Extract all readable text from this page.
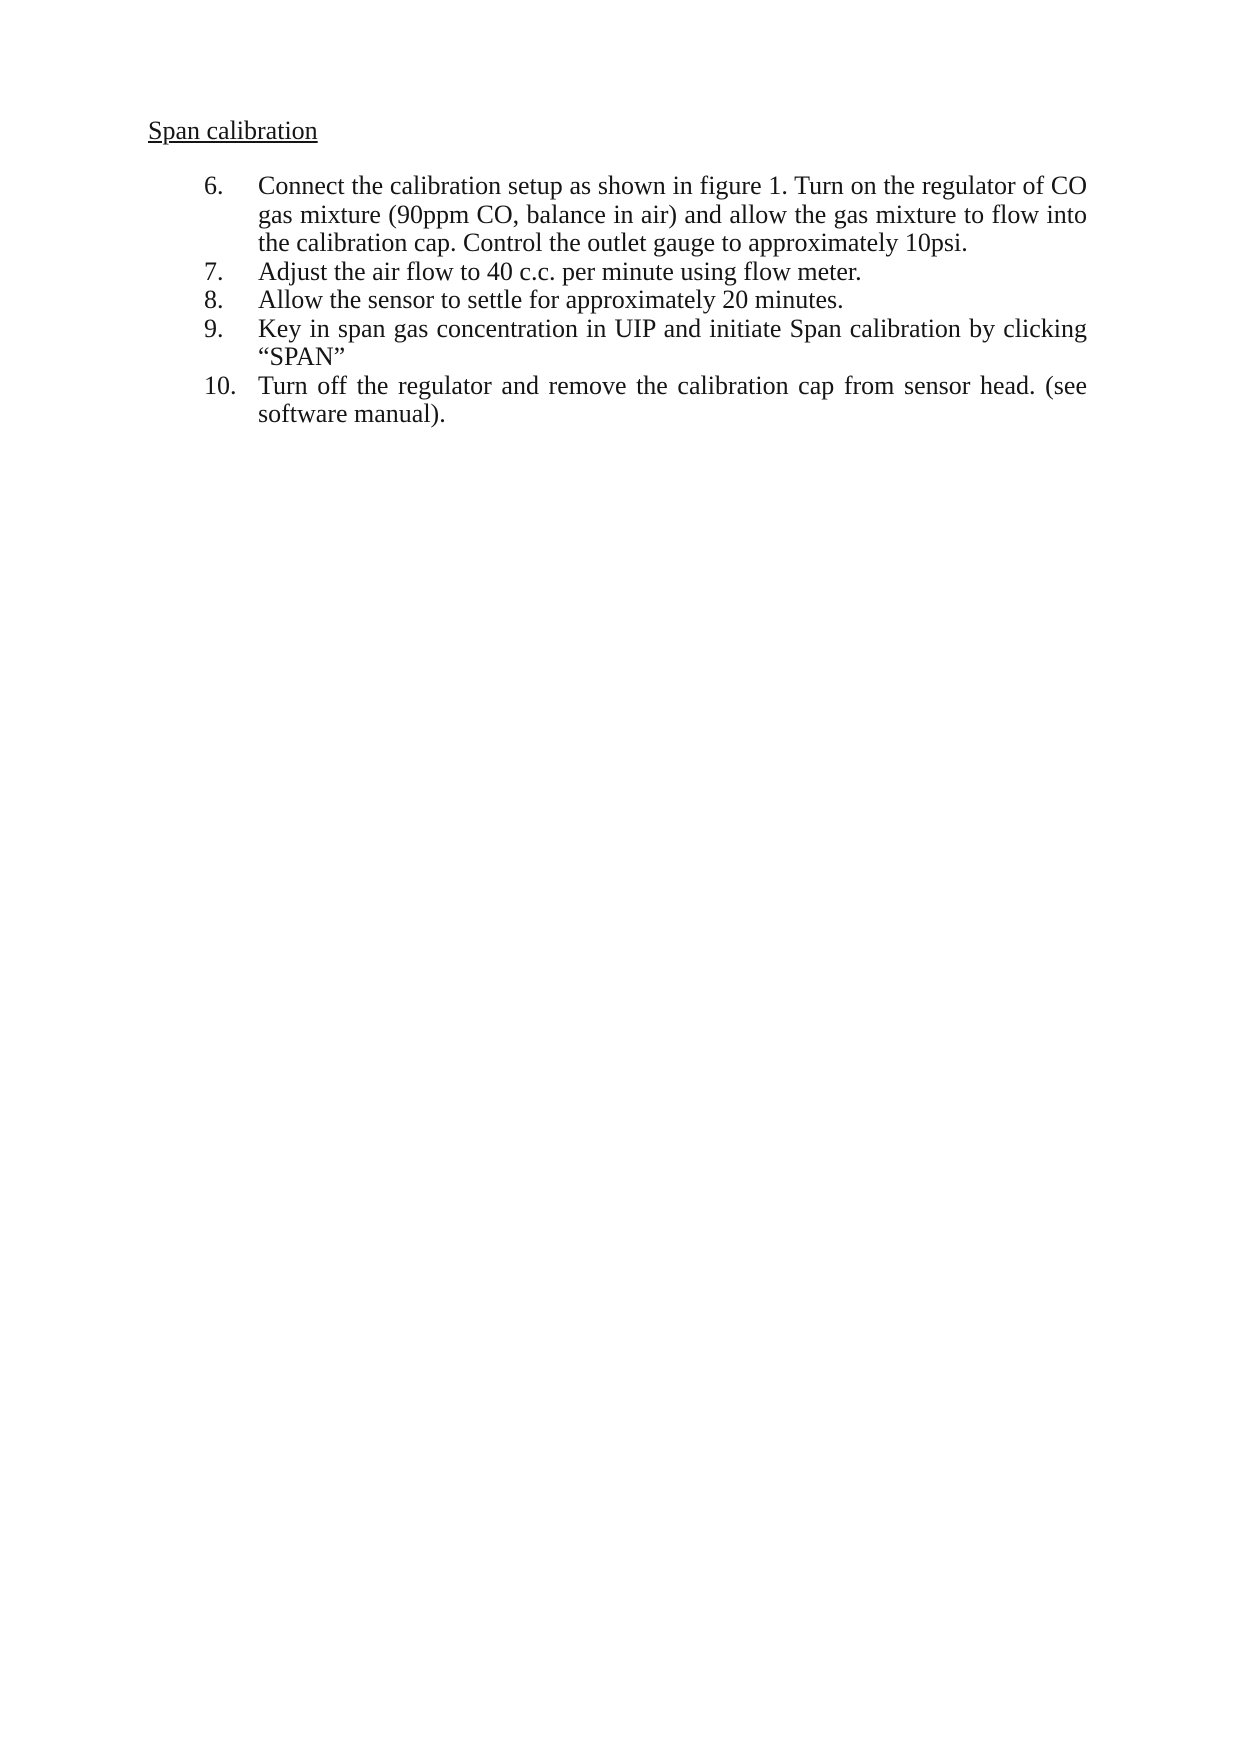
Span calibration
6.	Connect the calibration setup as shown in figure 1. Turn on the regulator of CO gas mixture (90ppm CO, balance in air) and allow the gas mixture to flow into the calibration cap. Control the outlet gauge to approximately 10psi.
7.	Adjust the air flow to 40 c.c. per minute using flow meter.
8.	Allow the sensor to settle for approximately 20 minutes.
9.	Key in span gas concentration in UIP and initiate Span calibration by clicking “SPAN”
10. Turn off the regulator and remove the calibration cap from sensor head. (see software manual).
